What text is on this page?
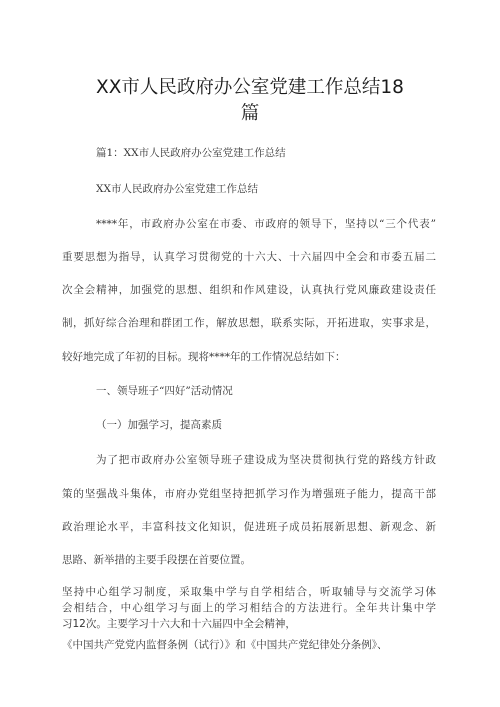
XX市人民政府办公室党建工作总结18
篇
篇1：XX市人民政府办公室党建工作总结
XX市人民政府办公室党建工作总结
****年，市政府办公室在市委、市政府的领导下，坚持以“三个代表”
重要思想为指导，认真学习贯彻党的十六大、十六届四中全会和市委五届二
次全会精神，加强党的思想、组织和作风建设，认真执行党风廉政建设责任
制，抓好综合治理和群团工作，解放思想，联系实际，开拓进取，实事求是，
较好地完成了年初的目标。现将****年的工作情况总结如下：
一、领导班子“四好”活动情况
（一）加强学习，提高素质
为了把市政府办公室领导班子建设成为坚决贯彻执行党的路线方针政
策的坚强战斗集体，市府办党组坚持把抓学习作为增强班子能力，提高干部
政治理论水平，丰富科技文化知识，促进班子成员拓展新思想、新观念、新
思路、新举措的主要手段摆在首要位置。
坚持中心组学习制度，采取集中学与自学相结合，听取辅导与交流学习体
会相结合，中心组学习与面上的学习相结合的方法进行。全年共计集中学
习12次。主要学习十六大和十六届四中全会精神，
《中国共产党党内监督条例（试行）》和《中国共产党纪律处分条例》、
